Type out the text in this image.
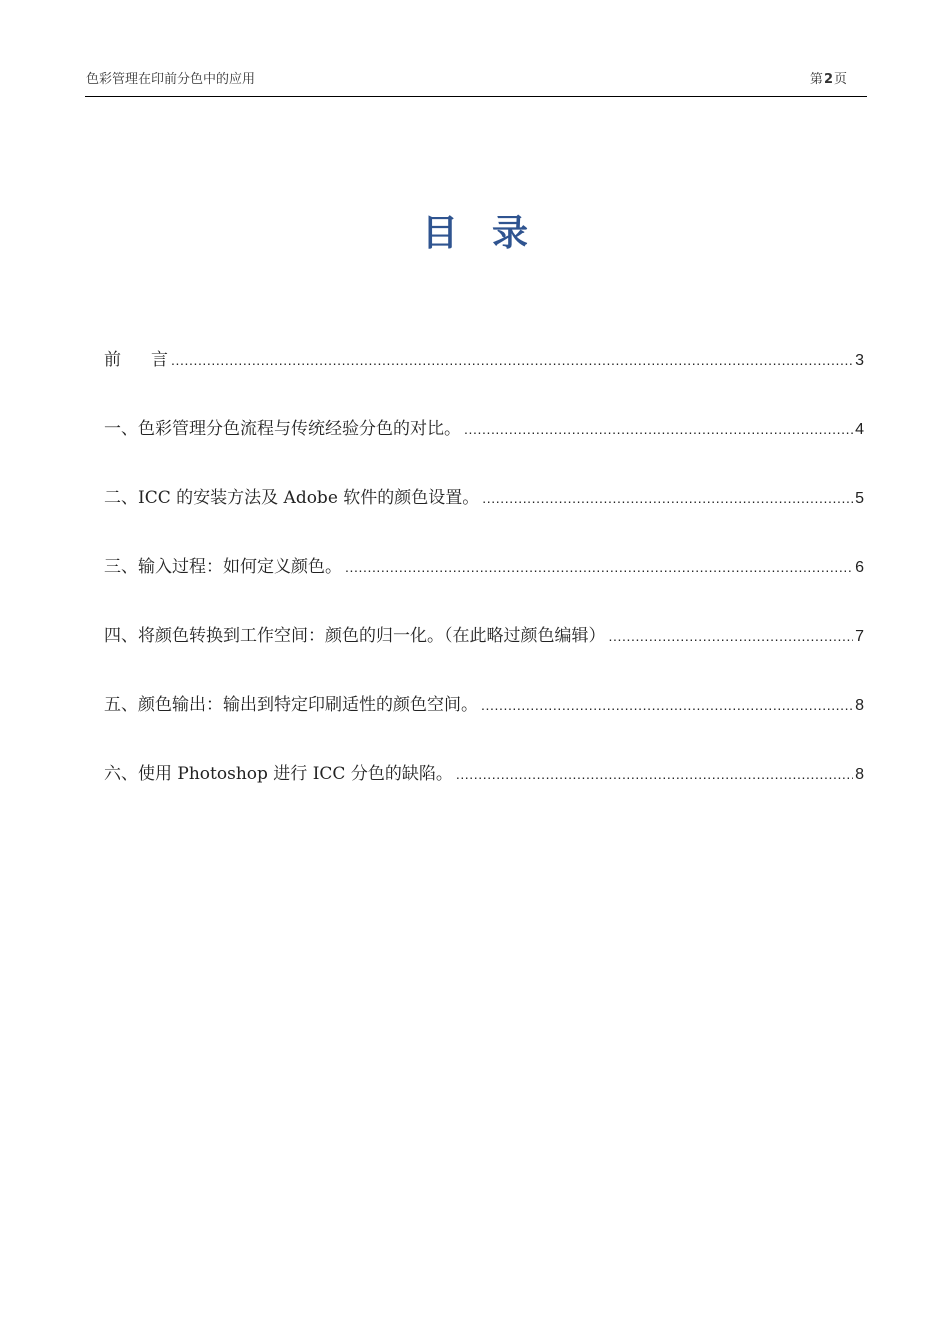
色彩管理在印前分色中的应用	第2页
目 录
前 言 .....	3
一、色彩管理分色流程与传统经验分色的对比。 .....	4
二、ICC 的安装方法及 Adobe 软件的颜色设置。 .....	5
三、输入过程：如何定义颜色。 .....	6
四、将颜色转换到工作空间：颜色的归一化。（在此略过颜色编辑） .....	7
五、颜色输出：输出到特定印刷适性的颜色空间。 .....	8
六、使用 Photoshop 进行 ICC 分色的缺陷。 .....	8
